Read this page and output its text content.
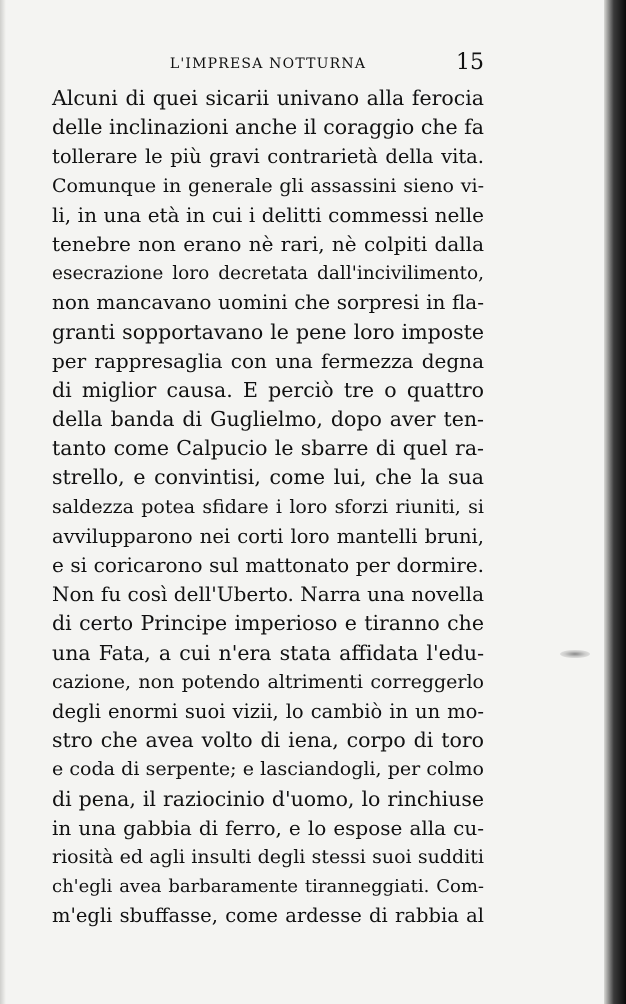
L'IMPRESA NOTTURNA	15
Alcuni di quei sicarii univano alla ferocia
delle inclinazioni anche il coraggio che fa
tollerare le più gravi contrarietà della vita.
Comunque in generale gli assassini sieno vi-
li, in una età in cui i delitti commessi nelle
tenebre non erano nè rari, nè colpiti dalla
esecrazione loro decretata dall'incivilimento,
non mancavano uomini che sorpresi in fla-
granti sopportavano le pene loro imposte
per rappresaglia con una fermezza degna
di miglior causa. E perciò tre o quattro
della banda di Guglielmo, dopo aver ten-
tanto come Calpucio le sbarre di quel ra-
strello, e convintisi, come lui, che la sua
saldezza potea sfidare i loro sforzi riuniti, si
avvilupparono nei corti loro mantelli bruni,
e si coricarono sul mattonato per dormire.
Non fu così dell'Uberto. Narra una novella
di certo Principe imperioso e tiranno che
una Fata, a cui n'era stata affidata l'edu-
cazione, non potendo altrimenti correggerlo
degli enormi suoi vizii, lo cambiò in un mo-
stro che avea volto di iena, corpo di toro
e coda di serpente; e lasciandogli, per colmo
di pena, il raziocinio d'uomo, lo rinchiuse
in una gabbia di ferro, e lo espose alla cu-
riosità ed agli insulti degli stessi suoi sudditi
ch'egli avea barbaramente tiranneggiati. Com-
m'egli sbuffasse, come ardesse di rabbia al
